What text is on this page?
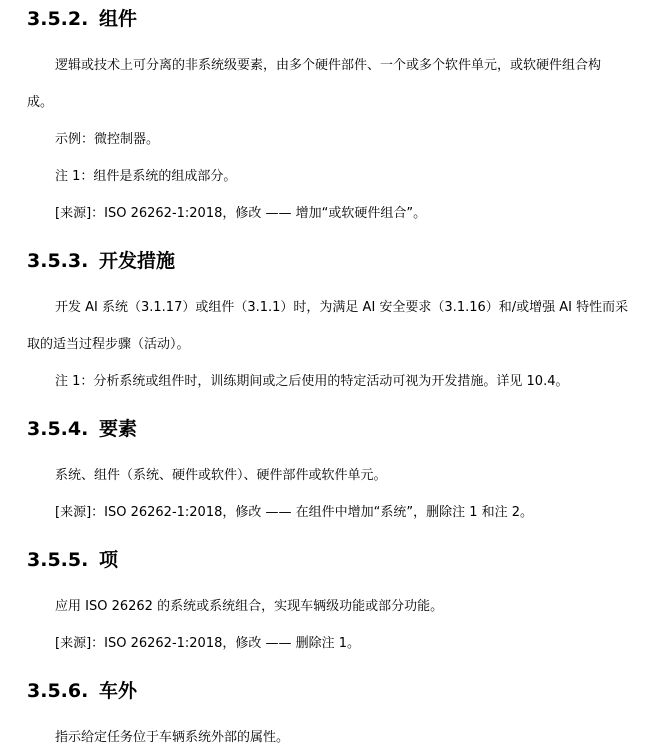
3.5.2. 组件

逻辑或技术上可分离的非系统级要素，由多个硬件部件、一个或多个软件单元，或软硬件组合构

成。

示例：微控制器。

注 1：组件是系统的组成部分。

[来源]：ISO 26262-1:2018，修改 —— 增加“或软硬件组合”。

3.5.3. 开发措施

开发 AI 系统（3.1.17）或组件（3.1.1）时，为满足 AI 安全要求（3.1.16）和/或增强 AI 特性而采

取的适当过程步骤（活动）。

注 1：分析系统或组件时，训练期间或之后使用的特定活动可视为开发措施。详见 10.4。

3.5.4. 要素

系统、组件（系统、硬件或软件）、硬件部件或软件单元。

[来源]：ISO 26262-1:2018，修改 —— 在组件中增加“系统”，删除注 1 和注 2。

3.5.5. 项

应用 ISO 26262 的系统或系统组合，实现车辆级功能或部分功能。

[来源]：ISO 26262-1:2018，修改 —— 删除注 1。

3.5.6. 车外

指示给定任务位于车辆系统外部的属性。
